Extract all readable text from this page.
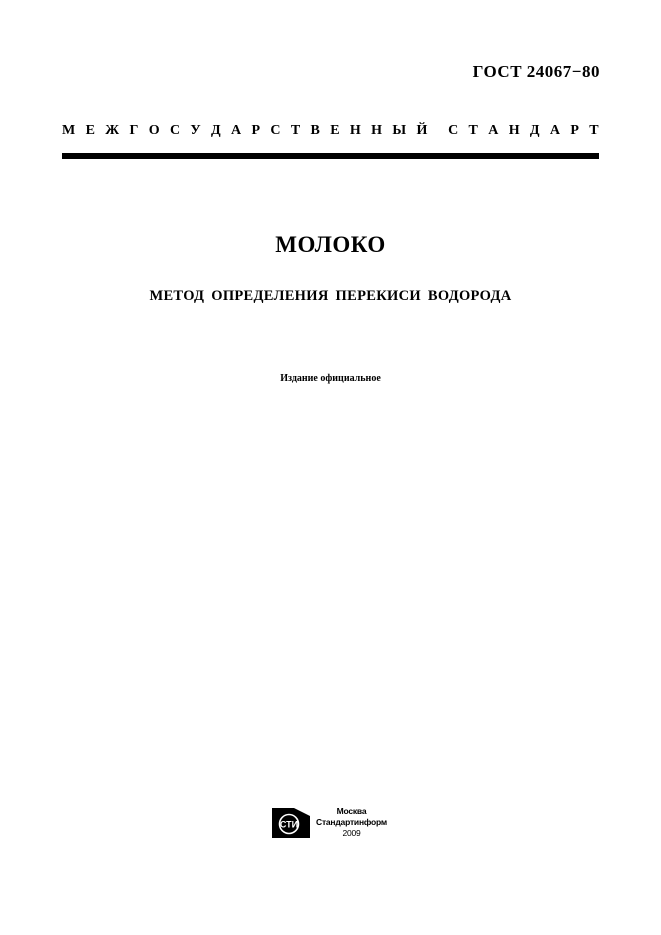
ГОСТ 24067−80
М Е Ж Г О С У Д А Р С Т В Е Н Н Ы Й С Т А Н Д А Р Т
МОЛОКО
МЕТОД ОПРЕДЕЛЕНИЯ ПЕРЕКИСИ ВОДОРОДА
Издание официальное
СТИ
Москва
Стандартинформ
2009
